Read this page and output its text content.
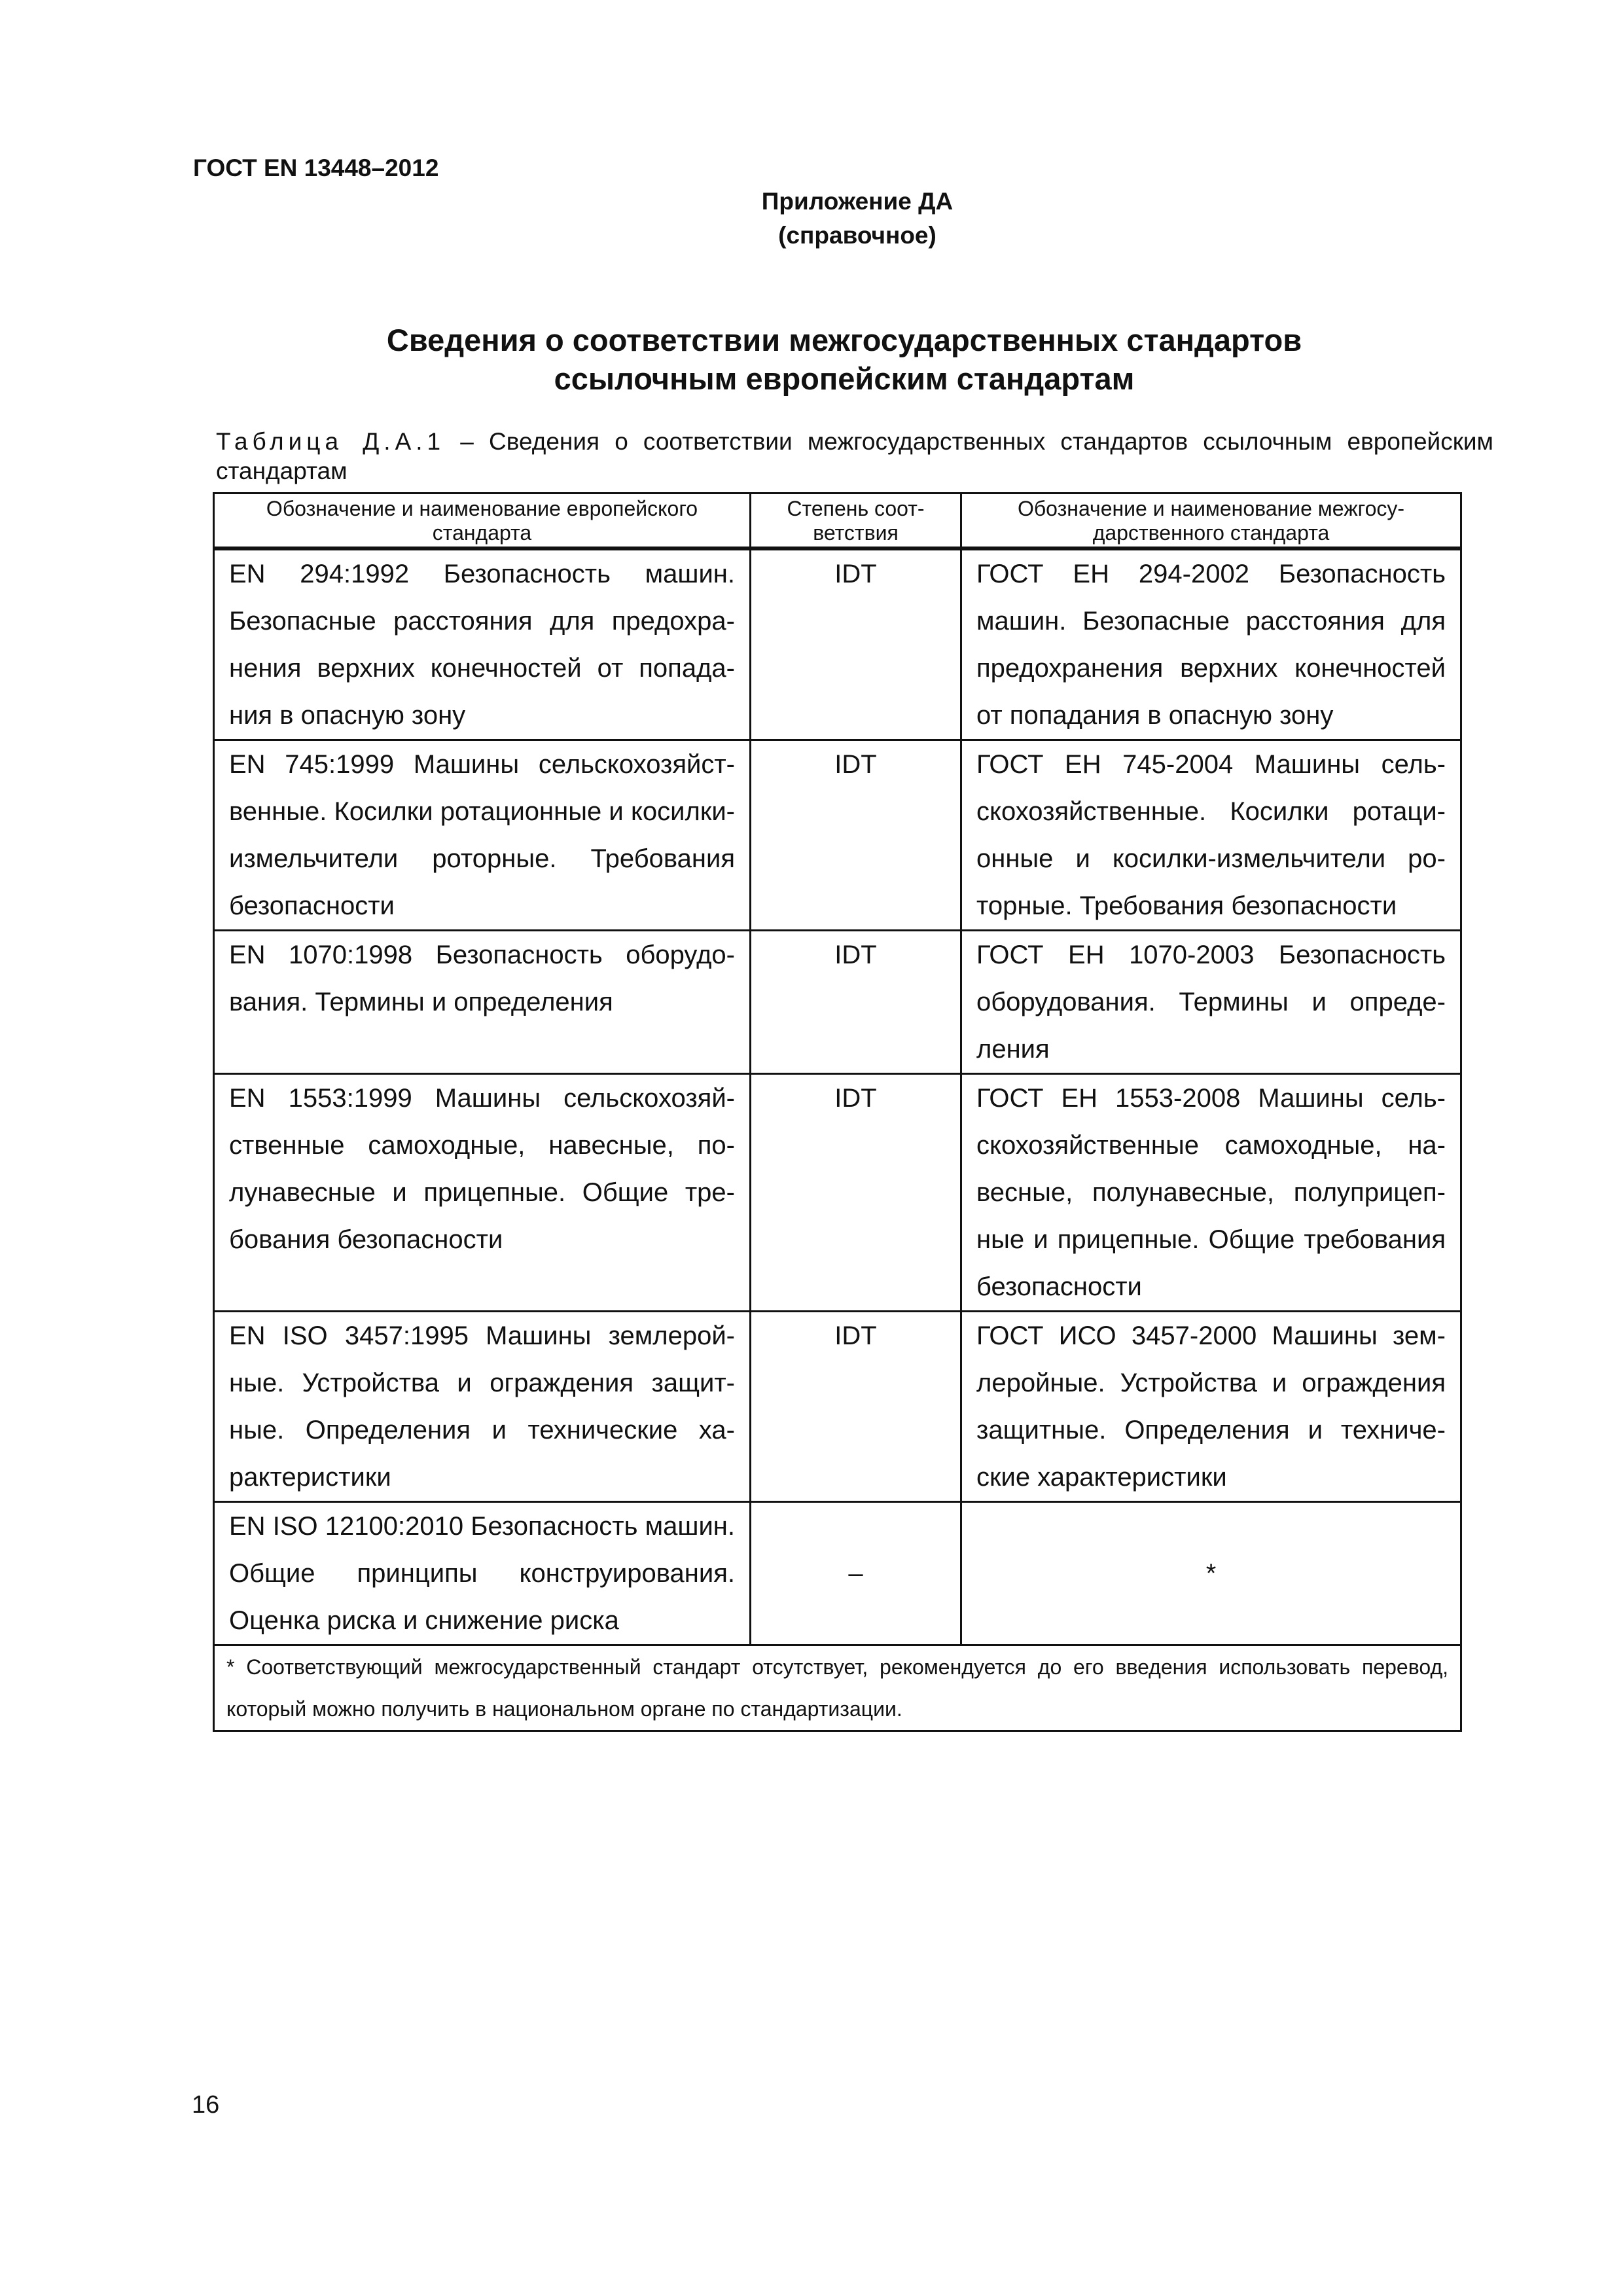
ГОСТ EN 13448–2012
Приложение ДА
(справочное)
Сведения о соответствии межгосударственных стандартов
ссылочным европейским стандартам

Таблица Д.А.1 – Сведения о соответствии межгосударственных стандартов ссылочным европейским стандартам

Обозначение и наименование европейского стандарта	Степень соответствия	Обозначение и наименование межгосударственного стандарта

EN 294:1992 Безопасность машин. Безопасные расстояния для предохранения верхних конечностей от попадания в опасную зону	IDT	ГОСТ ЕН 294-2002 Безопасность машин. Безопасные расстояния для предохранения верхних конечностей от попадания в опасную зону

EN 745:1999 Машины сельскохозяйственные. Косилки ротационные и косилки-измельчители роторные. Требования безопасности	IDT	ГОСТ ЕН 745-2004 Машины сельскохозяйственные. Косилки ротационные и косилки-измельчители роторные. Требования безопасности

EN 1070:1998 Безопасность оборудования. Термины и определения	IDT	ГОСТ ЕН 1070-2003 Безопасность оборудования. Термины и определения

EN 1553:1999 Машины сельскохозяйственные самоходные, навесные, полунавесные и прицепные. Общие требования безопасности	IDT	ГОСТ ЕН 1553-2008 Машины сельскохозяйственные самоходные, навесные, полунавесные, полуприцепные и прицепные. Общие требования безопасности

EN ISO 3457:1995 Машины землеройные. Устройства и ограждения защитные. Определения и технические характеристики	IDT	ГОСТ ИСО 3457-2000 Машины землеройные. Устройства и ограждения защитные. Определения и технические характеристики

EN ISO 12100:2010 Безопасность машин. Общие принципы конструирования. Оценка риска и снижение риска	–	*

* Соответствующий межгосударственный стандарт отсутствует, рекомендуется до его введения использовать перевод, который можно получить в национальном органе по стандартизации.		

16
